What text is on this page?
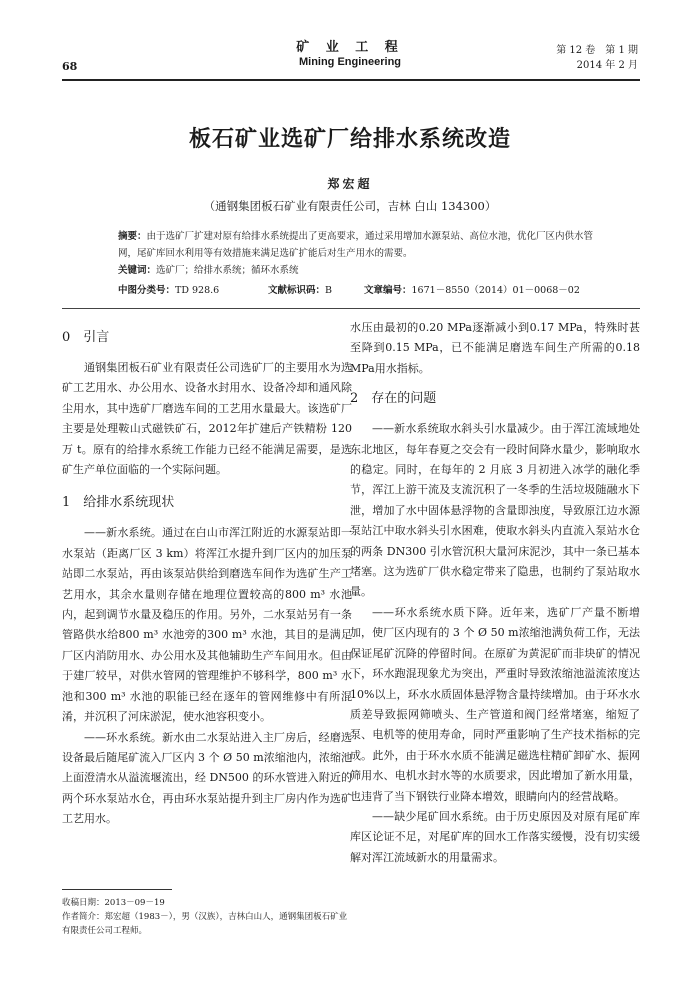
68
矿 业 工 程
Mining Engineering
第 12 卷　第 1 期
2014 年 2 月
板石矿业选矿厂给排水系统改造
郑宏超
（通钢集团板石矿业有限责任公司，吉林 白山 134300）
摘要：由于选矿厂扩建对原有给排水系统提出了更高要求，通过采用增加水源泵站、高位水池，优化厂区内供水管网，尾矿库回水利用等有效措施来满足选矿扩能后对生产用水的需要。
关键词：选矿厂；给排水系统；循环水系统
中图分类号：TD 928.6	文献标识码：B	文章编号：1671－8550（2014）01－0068－02
0　引言

通钢集团板石矿业有限责任公司选矿厂的主要用水为选矿工艺用水、办公用水、设备水封用水、设备冷却和通风除尘用水，其中选矿厂磨选车间的工艺用水量最大。该选矿厂主要是处理鞍山式磁铁矿石，2012年扩建后产铁精粉 120 万 t。原有的给排水系统工作能力已经不能满足需要，是选矿生产单位面临的一个实际问题。

1　给排水系统现状

——新水系统。通过在白山市浑江附近的水源泵站即一水泵站（距离厂区 3 km）将浑江水提升到厂区内的加压泵站即二水泵站，再由该泵站供给到磨选车间作为选矿生产工艺用水，其余水量则存储在地理位置较高的800 m³ 水池内，起到调节水量及稳压的作用。另外，二水泵站另有一条管路供水给800 m³ 水池旁的300 m³ 水池，其目的是满足厂区内消防用水、办公用水及其他辅助生产车间用水。但由于建厂较早，对供水管网的管理维护不够科学，800 m³ 水池和300 m³ 水池的职能已经在逐年的管网维修中有所混淆，并沉积了河床淤泥，使水池容积变小。

——环水系统。新水由二水泵站进入主厂房后，经磨选设备最后随尾矿流入厂区内 3 个 Ø 50 m浓缩池内，浓缩池上面澄清水从溢流堰流出，经 DN500 的环水管进入附近的两个环水泵站水仓，再由环水泵站提升到主厂房内作为选矿工艺用水。

水压由最初的0.20 MPa逐渐减小到0.17 MPa，特殊时甚至降到0.15 MPa，已不能满足磨选车间生产所需的0.18 MPa用水指标。

2　存在的问题

——新水系统取水斜头引水量减少。由于浑江流域地处东北地区，每年春夏之交会有一段时间降水量少，影响取水的稳定。同时，在每年的 2 月底 3 月初进入冰学的融化季节，浑江上游干流及支流沉积了一冬季的生活垃圾随融水下泄，增加了水中固体悬浮物的含量即浊度，导致原江边水源泵站江中取水斜头引水困难，使取水斜头内直流入泵站水仓的两条 DN300 引水管沉积大量河床泥沙，其中一条已基本堵塞。这为选矿厂供水稳定带来了隐患，也制约了泵站取水量。

——环水系统水质下降。近年来，选矿厂产量不断增加，使厂区内现有的 3 个 Ø 50 m浓缩池满负荷工作，无法保证尾矿沉降的停留时间。在原矿为黄泥矿而非块矿的情况下，环水跑混现象尤为突出，严重时导致浓缩池溢流浓度达 10%以上，环水水质固体悬浮物含量持续增加。由于环水水质差导致振网筛喷头、生产管道和阀门经常堵塞，缩短了泵、电机等的使用寿命，同时严重影响了生产技术指标的完成。此外，由于环水水质不能满足磁选柱精矿卸矿水、振网筛用水、电机水封水等的水质要求，因此增加了新水用量，也违背了当下钢铁行业降本增效，眼睛向内的经营战略。

——缺少尾矿回水系统。由于历史原因及对原有尾矿库库区论证不足，对尾矿库的回水工作落实缓慢，没有切实缓解对浑江流域新水的用量需求。

收稿日期：2013－09－19
作者简介：郑宏超（1983－），男（汉族），吉林白山人，通钢集团板石矿业有限责任公司工程师。
